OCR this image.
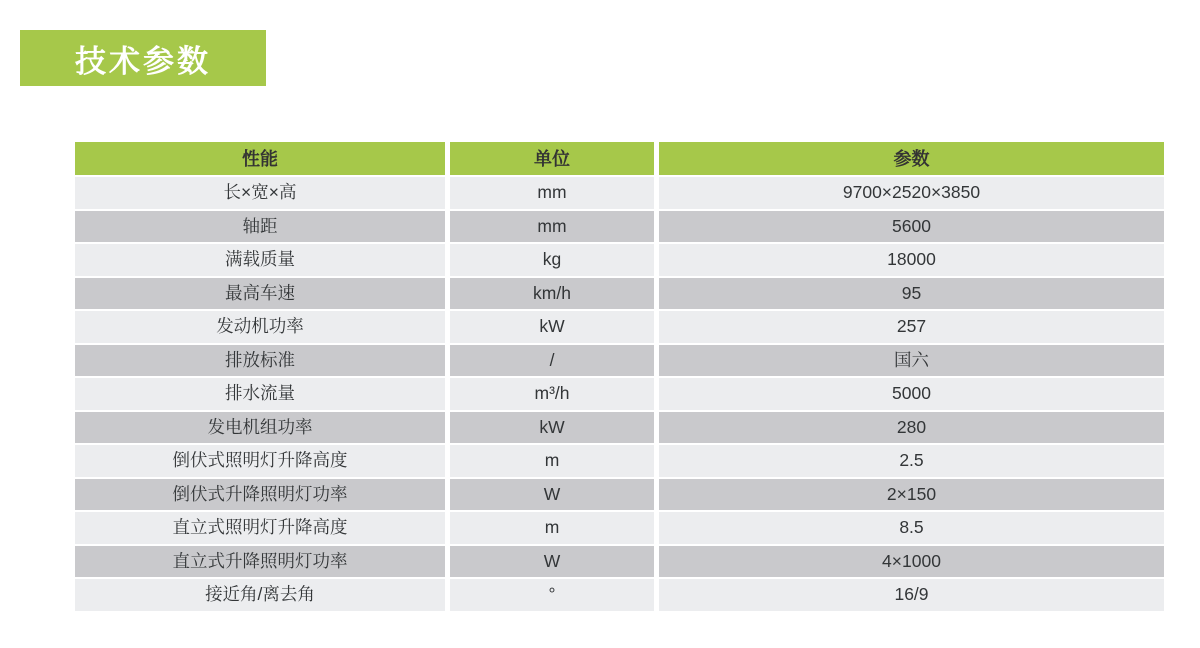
技术参数
性能	单位	参数
长×宽×高	mm	9700×2520×3850
轴距	mm	5600
满载质量	kg	18000
最高车速	km/h	95
发动机功率	kW	257
排放标准	/	国六
排水流量	m³/h	5000
发电机组功率	kW	280
倒伏式照明灯升降高度	m	2.5
倒伏式升降照明灯功率	W	2×150
直立式照明灯升降高度	m	8.5
直立式升降照明灯功率	W	4×1000
接近角/离去角	°	16/9
